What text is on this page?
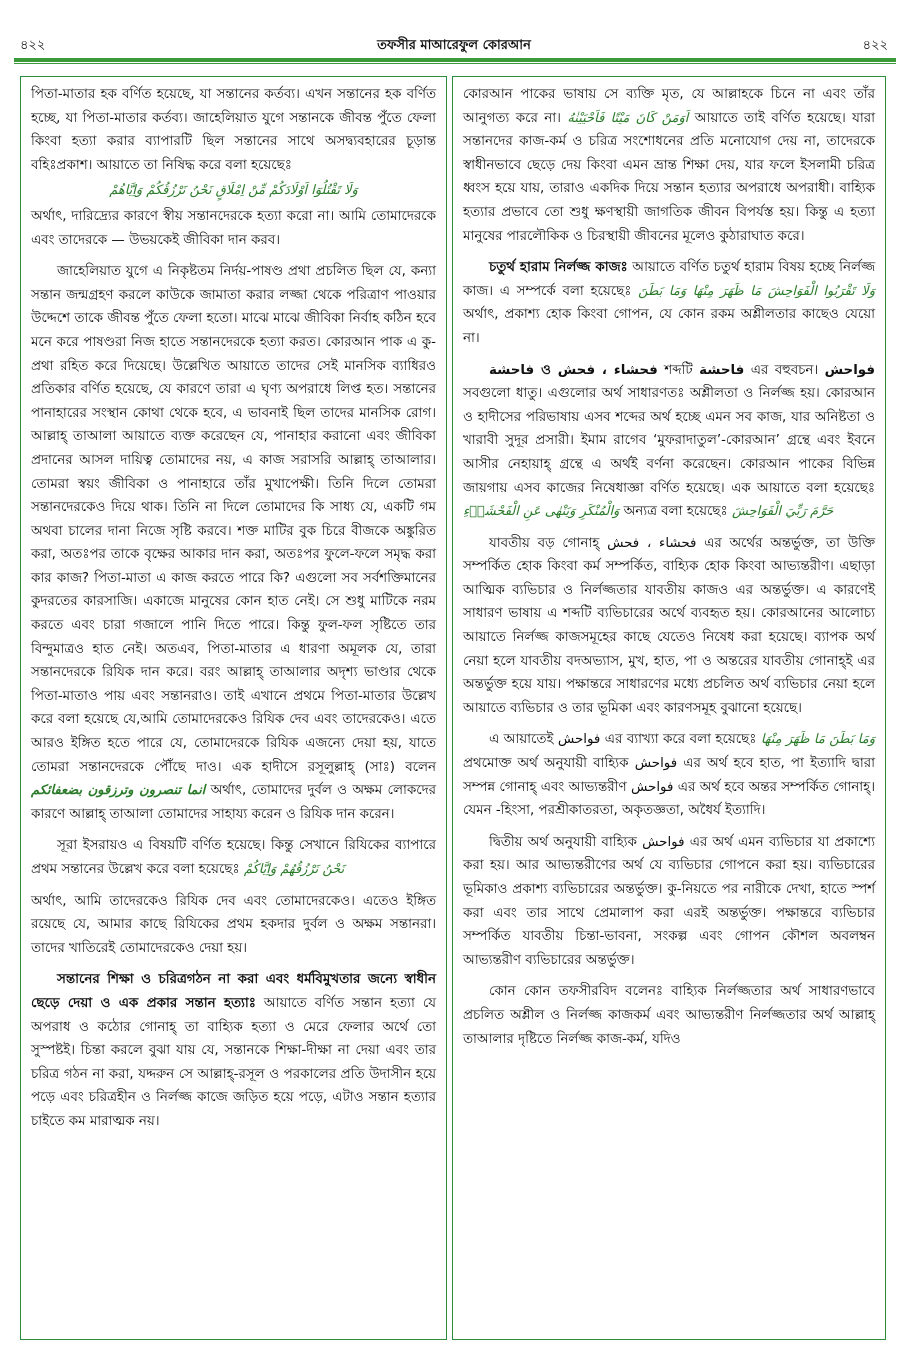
৪২২	তফসীর মাআরেফুল কোরআন	৪২২

পিতা-মাতার হক বর্ণিত হয়েছে, যা সন্তানের কর্তব্য। এখন সন্তানের হক বর্ণিত হচ্ছে, যা পিতা-মাতার কর্তব্য। জাহেলিয়াত যুগে সন্তানকে জীবন্ত পুঁতে ফেলা কিংবা হত্যা করার ব্যাপারটি ছিল সন্তানের সাথে অসদ্ব্যবহারের চূড়ান্ত বহিঃপ্রকাশ। আয়াতে তা নিষিদ্ধ করে বলা হয়েছেঃ
وَلَا تَقْتُلُوٓا اَوْلَادَكُمْ مِّنْ اِمْلَاقٍ نَحْنُ نَرْزُقُكُمْ وَاِيَّاهُمْ
অর্থাৎ, দারিদ্র্যের কারণে স্বীয় সন্তানদেরকে হত্যা করো না। আমি তোমাদেরকে এবং তাদেরকে — উভয়কেই জীবিকা দান করব।

জাহেলিয়াত যুগে এ নিকৃষ্টতম নির্দয়-পাষণ্ড প্রথা প্রচলিত ছিল যে, কন্যা সন্তান জন্মগ্রহণ করলে কাউকে জামাতা করার লজ্জা থেকে পরিত্রাণ পাওয়ার উদ্দেশে তাকে জীবন্ত পুঁতে ফেলা হতো। মাঝে মাঝে জীবিকা নির্বাহ কঠিন হবে মনে করে পাষণ্ডরা নিজ হাতে সন্তানদেরকে হত্যা করত। কোরআন পাক এ কু-প্রথা রহিত করে দিয়েছে। উল্লেখিত আয়াতে তাদের সেই মানসিক ব্যাধিরও প্রতিকার বর্ণিত হয়েছে, যে কারণে তারা এ ঘৃণ্য অপরাধে লিপ্ত হত। সন্তানের পানাহারের সংস্থান কোথা থেকে হবে, এ ভাবনাই ছিল তাদের মানসিক রোগ। আল্লাহ্ তাআলা আয়াতে ব্যক্ত করেছেন যে, পানাহার করানো এবং জীবিকা প্রদানের আসল দায়িত্ব তোমাদের নয়, এ কাজ সরাসরি আল্লাহ্ তাআলার। তোমরা স্বয়ং জীবিকা ও পানাহারে তাঁর মুখাপেক্ষী। তিনি দিলে তোমরা সন্তানদেরকেও দিয়ে থাক। তিনি না দিলে তোমাদের কি সাধ্য যে, একটি গম অথবা চালের দানা নিজে সৃষ্টি করবে। শক্ত মাটির বুক চিরে বীজকে অঙ্কুরিত করা, অতঃপর তাকে বৃক্ষের আকার দান করা, অতঃপর ফুলে-ফলে সমৃদ্ধ করা কার কাজ? পিতা-মাতা এ কাজ করতে পারে কি? এগুলো সব সর্বশক্তিমানের কুদরতের কারসাজি। একাজে মানুষের কোন হাত নেই। সে শুধু মাটিকে নরম করতে এবং চারা গজালে পানি দিতে পারে। কিন্তু ফুল-ফল সৃষ্টিতে তার বিন্দুমাত্রও হাত নেই। অতএব, পিতা-মাতার এ ধারণা অমূলক যে, তারা সন্তানদেরকে রিযিক দান করে। বরং আল্লাহ্ তাআলার অদৃশ্য ভাণ্ডার থেকে পিতা-মাতাও পায় এবং সন্তানরাও। তাই এখানে প্রথমে পিতা-মাতার উল্লেখ করে বলা হয়েছে যে,আমি তোমাদেরকেও রিযিক দেব এবং তাদেরকেও। এতে আরও ইঙ্গিত হতে পারে যে, তোমাদেরকে রিযিক এজন্যে দেয়া হয়, যাতে তোমরা সন্তানদেরকে পৌঁছে দাও। এক হাদীসে রসূলুল্লাহ্ (সাঃ) বলেন انما تنصرون وترزقون بضعفائكم অর্থাৎ, তোমাদের দুর্বল ও অক্ষম লোকদের কারণে আল্লাহ্ তাআলা তোমাদের সাহায্য করেন ও রিযিক দান করেন।

সূরা ইসরায়ও এ বিষয়টি বর্ণিত হয়েছে। কিন্তু সেখানে রিযিকের ব্যাপারে প্রথম সন্তানের উল্লেখ করে বলা হয়েছেঃ نَحْنُ نَرْزُقُهُمْ وَاِيَّاكُمْ

অর্থাৎ, আমি তাদেরকেও রিযিক দেব এবং তোমাদেরকেও। এতেও ইঙ্গিত রয়েছে যে, আমার কাছে রিযিকের প্রথম হকদার দুর্বল ও অক্ষম সন্তানরা। তাদের খাতিরেই তোমাদেরকেও দেয়া হয়।

সন্তানের শিক্ষা ও চরিত্রগঠন না করা এবং ধর্মবিমুখতার জন্যে স্বাধীন ছেড়ে দেয়া ও এক প্রকার সন্তান হত্যাঃ আয়াতে বর্ণিত সন্তান হত্যা যে অপরাধ ও কঠোর গোনাহ্ তা বাহ্যিক হত্যা ও মেরে ফেলার অর্থে তো সুস্পষ্টই। চিন্তা করলে বুঝা যায় যে, সন্তানকে শিক্ষা-দীক্ষা না দেয়া এবং তার চরিত্র গঠন না করা, যদ্দরুন সে আল্লাহ্-রসূল ও পরকালের প্রতি উদাসীন হয়ে পড়ে এবং চরিত্রহীন ও নির্লজ্জ কাজে জড়িত হয়ে পড়ে, এটাও সন্তান হত্যার চাইতে কম মারাত্মক নয়।

কোরআন পাকের ভাষায় সে ব্যক্তি মৃত, যে আল্লাহকে চিনে না এবং তাঁর আনুগত্য করে না। اَوَمَنْ كَانَ مَيْتًا فَاَحْيَيْنٰهُ আয়াতে তাই বর্ণিত হয়েছে। যারা সন্তানদের কাজ-কর্ম ও চরিত্র সংশোধনের প্রতি মনোযোগ দেয় না, তাদেরকে স্বাধীনভাবে ছেড়ে দেয় কিংবা এমন ভ্রান্ত শিক্ষা দেয়, যার ফলে ইসলামী চরিত্র ধ্বংস হয়ে যায়, তারাও একদিক দিয়ে সন্তান হত্যার অপরাধে অপরাধী। বাহ্যিক হত্যার প্রভাবে তো শুধু ক্ষণস্থায়ী জাগতিক জীবন বিপর্যস্ত হয়। কিন্তু এ হত্যা মানুষের পারলৌকিক ও চিরস্থায়ী জীবনের মূলেও কুঠারাঘাত করে।

চতুর্থ হারাম নির্লজ্জ কাজঃ আয়াতে বর্ণিত চতুর্থ হারাম বিষয় হচ্ছে নির্লজ্জ কাজ। এ সম্পর্কে বলা হয়েছেঃ وَلَا تَقْرَبُوا الْفَوَاحِشَ مَا ظَهَرَ مِنْهَا وَمَا بَطَنَ অর্থাৎ, প্রকাশ্য হোক কিংবা গোপন, যে কোন রকম অশ্লীলতার কাছেও যেয়ো না।

فاحشة ও فحشاء ، فحش শব্দটি فاحشة এর বহুবচন। فواحش সবগুলো ধাতু। এগুলোর অর্থ সাধারণতঃ অশ্লীলতা ও নির্লজ্জ হয়। কোরআন ও হাদীসের পরিভাষায় এসব শব্দের অর্থ হচ্ছে এমন সব কাজ, যার অনিষ্টতা ও খারাবী সুদূর প্রসারী। ইমাম রাগেব ‘মুফরাদাতুল’-কোরআন’ গ্রন্থে এবং ইবনে আসীর নেহায়াহ্ গ্রন্থে এ অর্থই বর্ণনা করেছেন। কোরআন পাকের বিভিন্ন জায়গায় এসব কাজের নিষেধাজ্ঞা বর্ণিত হয়েছে। এক আয়াতে বলা হয়েছেঃ وَيَنْهٰى عَنِ الْفَحْشَاۤءِ وَالْمُنْكَرِ অন্যত্র বলা হয়েছেঃ حَرَّمَ رَبِّيَ الْفَوَاحِشَ

যাবতীয় বড় গোনাহ্ فحشاء ، فحش এর অর্থের অন্তর্ভুক্ত, তা উক্তি সম্পর্কিত হোক কিংবা কর্ম সম্পর্কিত, বাহ্যিক হোক কিংবা আভ্যন্তরীণ। এছাড়া আত্মিক ব্যভিচার ও নির্লজ্জতার যাবতীয় কাজও এর অন্তর্ভুক্ত। এ কারণেই সাধারণ ভাষায় এ শব্দটি ব্যভিচারের অর্থে ব্যবহৃত হয়। কোরআনের আলোচ্য আয়াতে নির্লজ্জ কাজসমূহের কাছে যেতেও নিষেধ করা হয়েছে। ব্যাপক অর্থ নেয়া হলে যাবতীয় বদঅভ্যাস, মুখ, হাত, পা ও অন্তরের যাবতীয় গোনাহ্ই এর অন্তর্ভুক্ত হয়ে যায়। পক্ষান্তরে সাধারণের মধ্যে প্রচলিত অর্থ ব্যভিচার নেয়া হলে আয়াতে ব্যভিচার ও তার ভূমিকা এবং কারণসমূহ বুঝানো হয়েছে।

এ আয়াতেই فواحش এর ব্যাখ্যা করে বলা হয়েছেঃ مَا ظَهَرَ مِنْهَا وَمَا بَطَنَ প্রথমোক্ত অর্থ অনুযায়ী বাহ্যিক فواحش এর অর্থ হবে হাত, পা ইত্যাদি দ্বারা সম্পন্ন গোনাহ্ এবং আভ্যন্তরীণ فواحش এর অর্থ হবে অন্তর সম্পর্কিত গোনাহ্। যেমন -হিংসা, পরশ্রীকাতরতা, অকৃতজ্ঞতা, অধৈর্য ইত্যাদি।

দ্বিতীয় অর্থ অনুযায়ী বাহ্যিক فواحش এর অর্থ এমন ব্যভিচার যা প্রকাশ্যে করা হয়। আর আভ্যন্তরীণের অর্থ যে ব্যভিচার গোপনে করা হয়। ব্যভিচারের ভূমিকাও প্রকাশ্য ব্যভিচারের অন্তর্ভুক্ত। কু-নিয়তে পর নারীকে দেখা, হাতে স্পর্শ করা এবং তার সাথে প্রেমালাপ করা এরই অন্তর্ভুক্ত। পক্ষান্তরে ব্যভিচার সম্পর্কিত যাবতীয় চিন্তা-ভাবনা, সংকল্প এবং গোপন কৌশল অবলম্বন আভ্যন্তরীণ ব্যভিচারের অন্তর্ভুক্ত।

কোন কোন তফসীরবিদ বলেনঃ বাহ্যিক নির্লজ্জতার অর্থ সাধারণভাবে প্রচলিত অশ্লীল ও নির্লজ্জ কাজকর্ম এবং আভ্যন্তরীণ নির্লজ্জতার অর্থ আল্লাহ্ তাআলার দৃষ্টিতে নির্লজ্জ কাজ-কর্ম, যদিও
